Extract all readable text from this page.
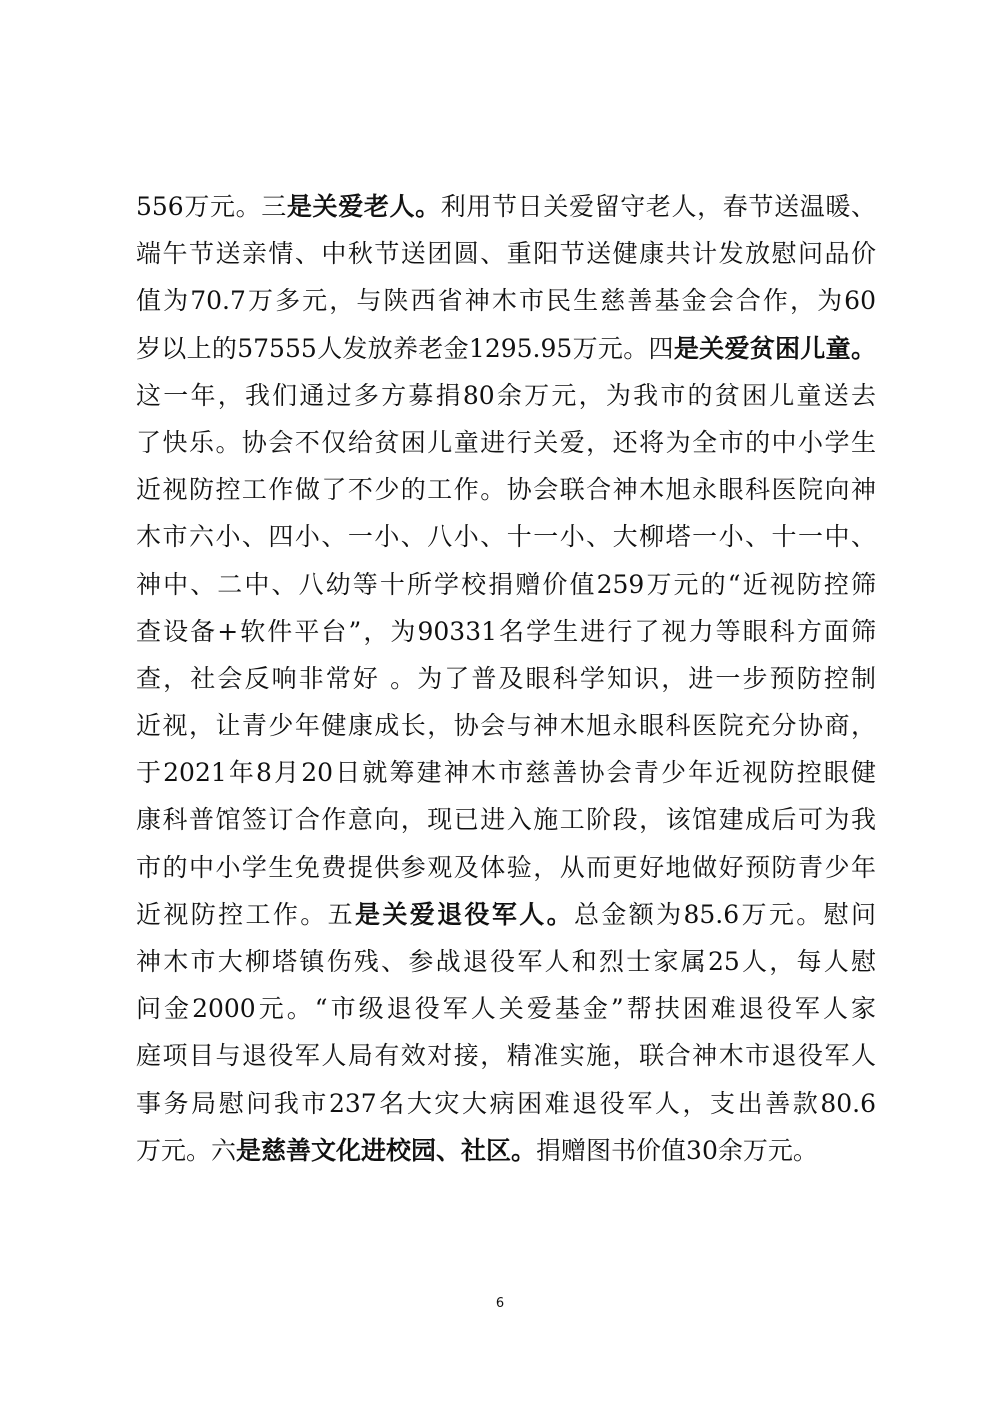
556万元。三是关爱老人。利用节日关爱留守老人，春节送温暖、
端午节送亲情、中秋节送团圆、重阳节送健康共计发放慰问品价
值为70.7万多元，与陕西省神木市民生慈善基金会合作，为60
岁以上的57555人发放养老金1295.95万元。四是关爱贫困儿童。
这一年，我们通过多方募捐80余万元，为我市的贫困儿童送去
了快乐。协会不仅给贫困儿童进行关爱，还将为全市的中小学生
近视防控工作做了不少的工作。协会联合神木旭永眼科医院向神
木市六小、四小、一小、八小、十一小、大柳塔一小、十一中、
神中、二中、八幼等十所学校捐赠价值259万元的“近视防控筛
查设备+软件平台”，为90331名学生进行了视力等眼科方面筛
查，社会反响非常好 。为了普及眼科学知识，进一步预防控制
近视，让青少年健康成长，协会与神木旭永眼科医院充分协商，
于2021年8月20日就筹建神木市慈善协会青少年近视防控眼健
康科普馆签订合作意向，现已进入施工阶段，该馆建成后可为我
市的中小学生免费提供参观及体验，从而更好地做好预防青少年
近视防控工作。五是关爱退役军人。总金额为85.6万元。慰问
神木市大柳塔镇伤残、参战退役军人和烈士家属25人，每人慰
问金2000元。“市级退役军人关爱基金”帮扶困难退役军人家
庭项目与退役军人局有效对接，精准实施，联合神木市退役军人
事务局慰问我市237名大灾大病困难退役军人，支出善款80.6
万元。六是慈善文化进校园、社区。捐赠图书价值30余万元。
6
